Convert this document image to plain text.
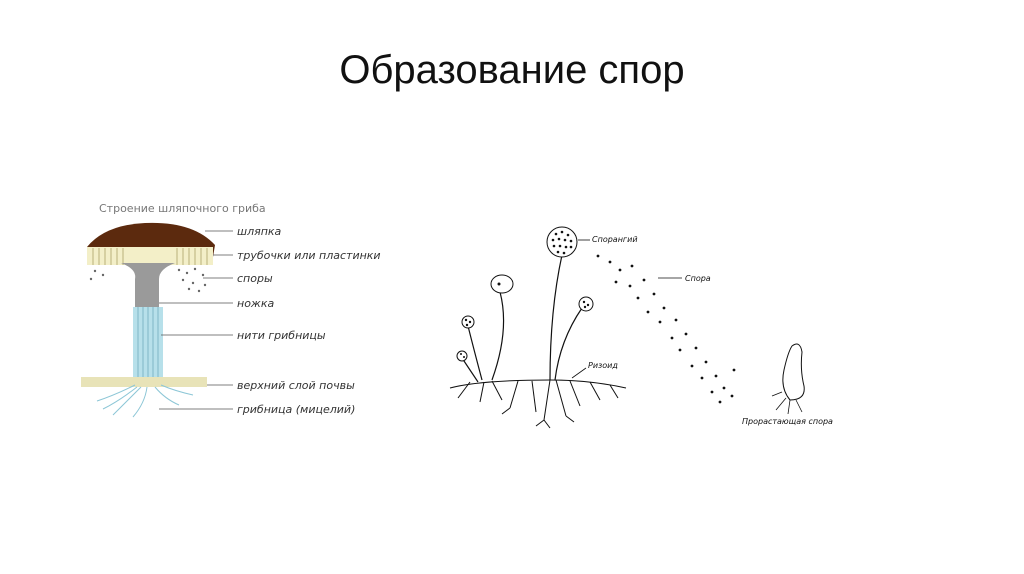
Образование спор
Строение шляпочного гриба
шляпка
трубочки или пластинки
споры
ножка
нити грибницы
верхний слой почвы
грибница (мицелий)
Ризоид
Спорангий
Спора
Прорастающая спора
